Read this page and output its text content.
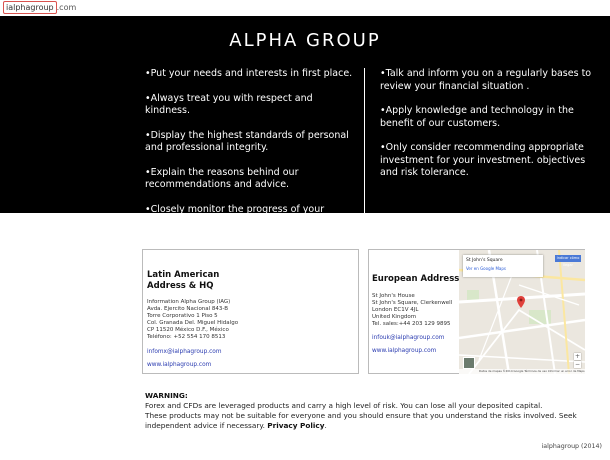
ialphagroup .com
ALPHA GROUP
• Put your needs and interests in first place.
• Always treat you with respect and kindness.
• Display the highest standards of personal and professional integrity.
• Explain the reasons behind our recommendations and advice.
• Closely monitor the progress of your investments.
• Talk and inform you on a regularly bases to review your financial situation .
• Apply knowledge and technology in the benefit of our customers.
• Only consider recommending appropriate investment for your investment. objectives and risk tolerance.
Latin American
Address & HQ
Information Alpha Group (IAG)
Avda. Ejercito Nacional 843-B
Torre Corporativo 1 Piso 5
Col. Granada Del. Miguel Hidalgo
CP 11520 México D.F., México
Teléfono: +52 554 170 8513
infomx@ialphagroup.com
www.ialphagroup.com
European Address
St John's House
St John's Square, Clerkenwell
London EC1V 4JL
United Kingdom
Tel. sales:+44 203 129 9895
infouk@ialphagroup.com
www.ialphagroup.com
St John's Square
Ver en Google Maps
Indicar cómo llegar
+
−
Datos de mapas ©2014 Google Términos de uso Informar un error de Maps
WARNING:
Forex and CFDs are leveraged products and carry a high level of risk. You can lose all your deposited capital.
These products may not be suitable for everyone and you should ensure that you understand the risks involved. Seek independent advice if necessary. Privacy Policy.
ialphagroup (2014)
